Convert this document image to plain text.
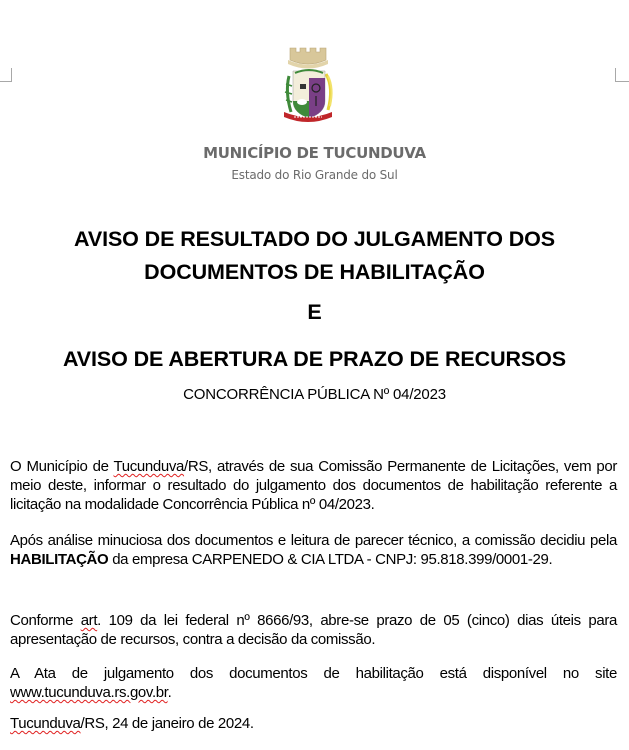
MUNICÍPIO DE TUCUNDUVA
Estado do Rio Grande do Sul
AVISO DE RESULTADO DO JULGAMENTO DOS
DOCUMENTOS DE HABILITAÇÃO
E
AVISO DE ABERTURA DE PRAZO DE RECURSOS
CONCORRÊNCIA PÚBLICA Nº 04/2023
O Município de Tucunduva/RS, através de sua Comissão Permanente de Licitações, vem por meio deste, informar o resultado do julgamento dos documentos de habilitação referente a licitação na modalidade Concorrência Pública nº 04/2023.
Após análise minuciosa dos documentos e leitura de parecer técnico, a comissão decidiu pela HABILITAÇÃO da empresa CARPENEDO & CIA LTDA - CNPJ: 95.818.399/0001-29.
Conforme art. 109 da lei federal nº 8666/93, abre-se prazo de 05 (cinco) dias úteis para apresentação de recursos, contra a decisão da comissão.
A Ata de julgamento dos documentos de habilitação está disponível no site www.tucunduva.rs.gov.br.
Tucunduva/RS, 24 de janeiro de 2024.
